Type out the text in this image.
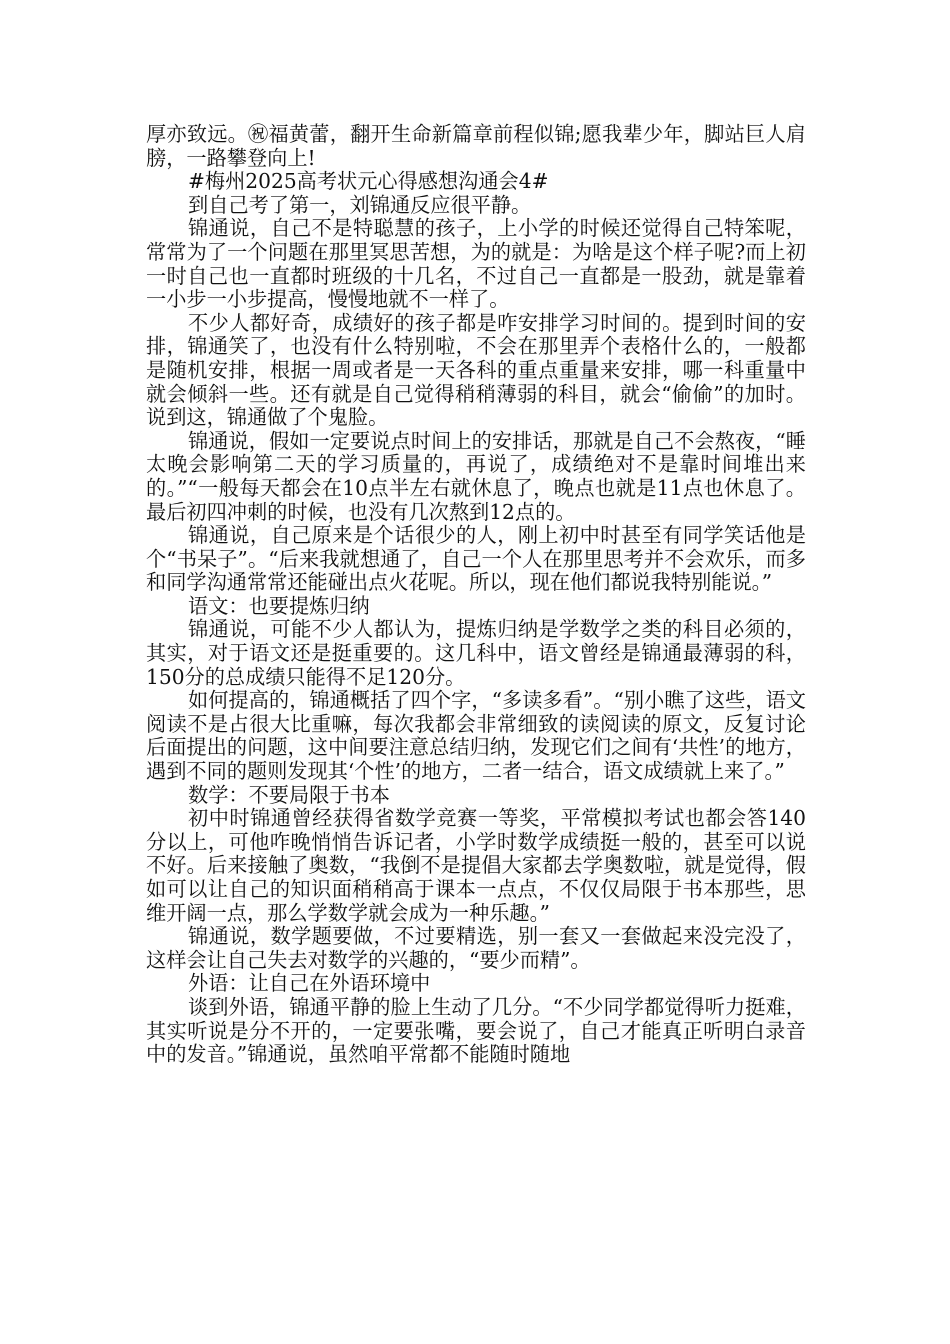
厚亦致远。㊗福黄蕾，翻开生命新篇章前程似锦;愿我辈少年，脚站巨人肩膀，一路攀登向上!

#梅州2025高考状元心得感想沟通会4#

到自己考了第一，刘锦通反应很平静。

锦通说，自己不是特聪慧的孩子，上小学的时候还觉得自己特笨呢，常常为了一个问题在那里冥思苦想，为的就是：为啥是这个样子呢?而上初一时自己也一直都时班级的十几名，不过自己一直都是一股劲，就是靠着一小步一小步提高，慢慢地就不一样了。

不少人都好奇，成绩好的孩子都是咋安排学习时间的。提到时间的安排，锦通笑了，也没有什么特别啦，不会在那里弄个表格什么的，一般都是随机安排，根据一周或者是一天各科的重点重量来安排，哪一科重量中就会倾斜一些。还有就是自己觉得稍稍薄弱的科目，就会“偷偷”的加时。说到这，锦通做了个鬼脸。

锦通说，假如一定要说点时间上的安排话，那就是自己不会熬夜，“睡太晚会影响第二天的学习质量的，再说了，成绩绝对不是靠时间堆出来的。”“一般每天都会在10点半左右就休息了，晚点也就是11点也休息了。最后初四冲刺的时候，也没有几次熬到12点的。

锦通说，自己原来是个话很少的人，刚上初中时甚至有同学笑话他是个“书呆子”。“后来我就想通了，自己一个人在那里思考并不会欢乐，而多和同学沟通常常还能碰出点火花呢。所以，现在他们都说我特别能说。”

语文：也要提炼归纳

锦通说，可能不少人都认为，提炼归纳是学数学之类的科目必须的，其实，对于语文还是挺重要的。这几科中，语文曾经是锦通最薄弱的科，150分的总成绩只能得不足120分。

如何提高的，锦通概括了四个字，“多读多看”。“别小瞧了这些，语文阅读不是占很大比重嘛，每次我都会非常细致的读阅读的原文，反复讨论后面提出的问题，这中间要注意总结归纳，发现它们之间有‘共性’的地方，遇到不同的题则发现其‘个性’的地方，二者一结合，语文成绩就上来了。”

数学：不要局限于书本

初中时锦通曾经获得省数学竞赛一等奖，平常模拟考试也都会答140分以上，可他咋晚悄悄告诉记者，小学时数学成绩挺一般的，甚至可以说不好。后来接触了奥数，“我倒不是提倡大家都去学奥数啦，就是觉得，假如可以让自己的知识面稍稍高于课本一点点，不仅仅局限于书本那些，思维开阔一点，那么学数学就会成为一种乐趣。”

锦通说，数学题要做，不过要精选，别一套又一套做起来没完没了，这样会让自己失去对数学的兴趣的，“要少而精”。

外语：让自己在外语环境中

谈到外语，锦通平静的脸上生动了几分。“不少同学都觉得听力挺难，其实听说是分不开的，一定要张嘴，要会说了，自己才能真正听明白录音中的发音。”锦通说，虽然咱平常都不能随时随地
